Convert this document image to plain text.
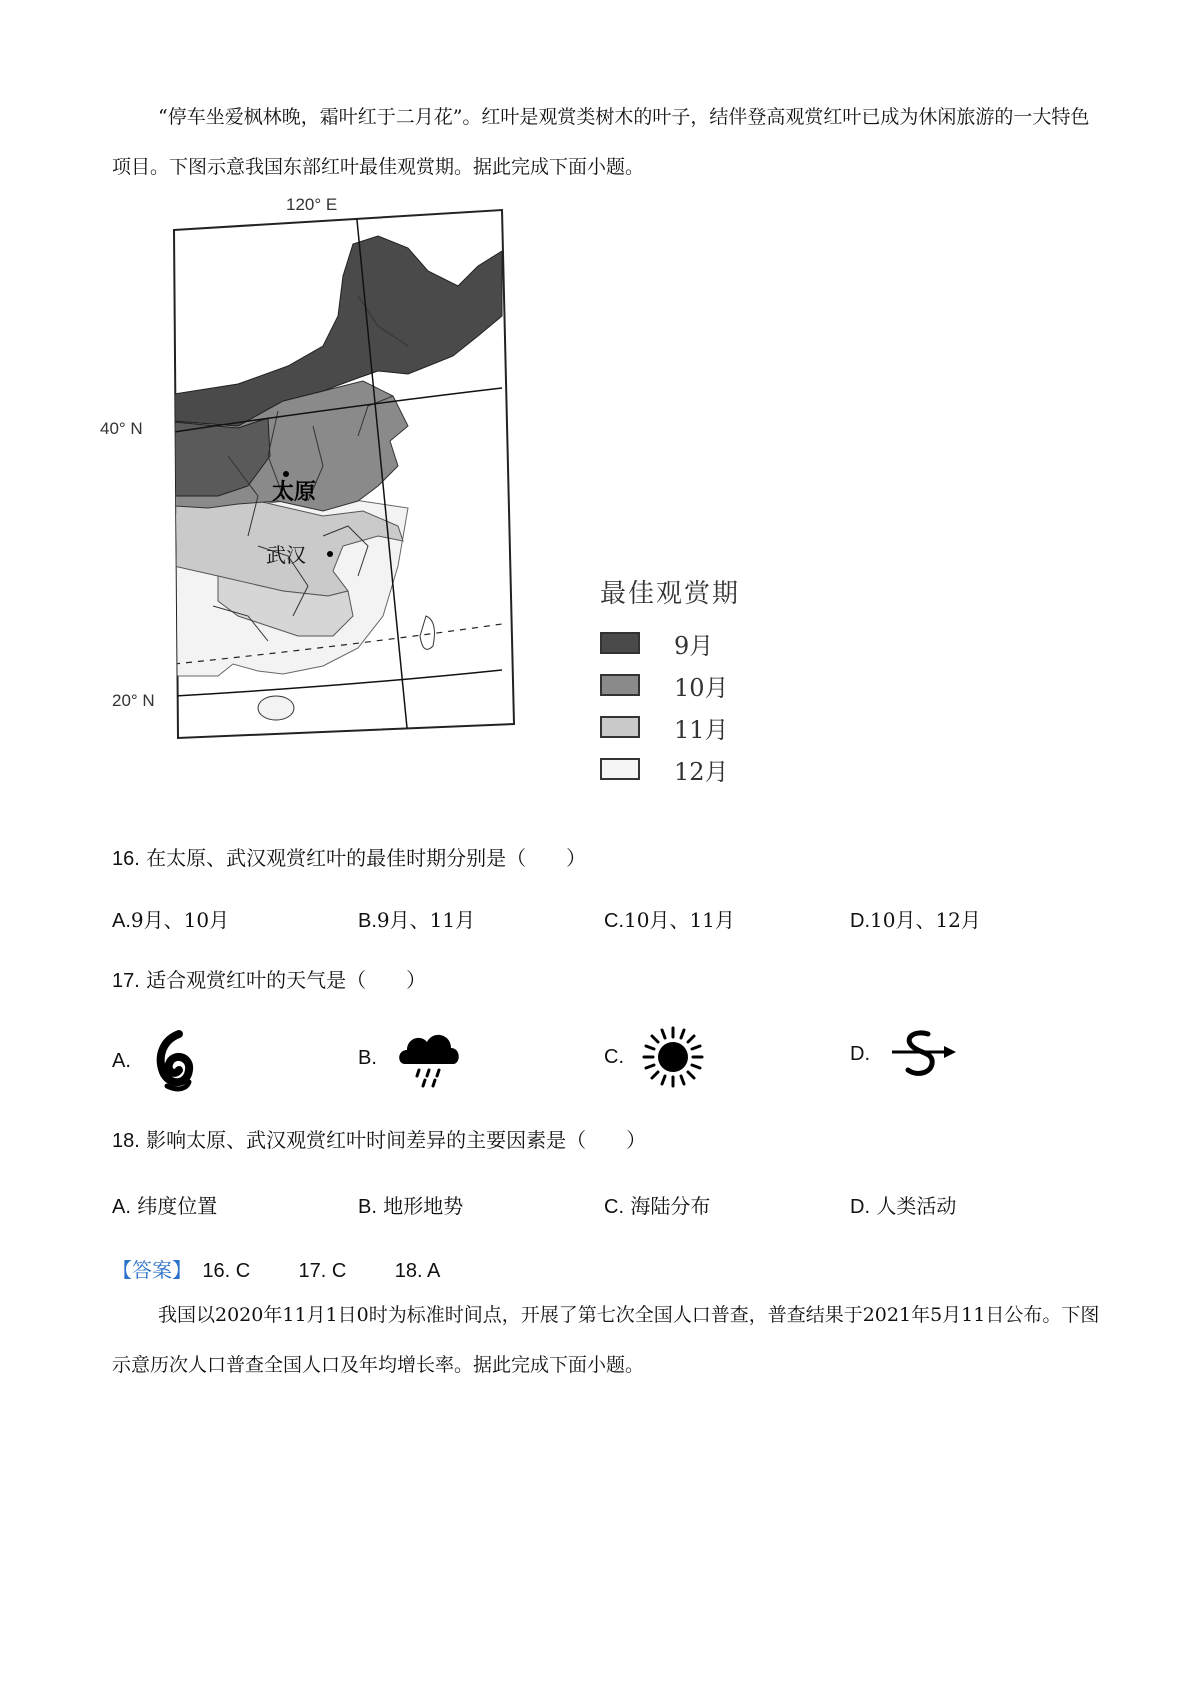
“停车坐爱枫林晚，霜叶红于二月花”。红叶是观赏类树木的叶子，结伴登高观赏红叶已成为休闲旅游的一大特色项目。下图示意我国东部红叶最佳观赏期。据此完成下面小题。
120° E
40° N
20° N
太原
武汉
最佳观赏期
9月
10月
11月
12月
16. 在太原、武汉观赏红叶的最佳时期分别是（　　）
A.9月、10月	B.9月、11月	C.10月、11月	D.10月、12月
17. 适合观赏红叶的天气是（　　）
A.	B.	C.	D.
18. 影响太原、武汉观赏红叶时间差异的主要因素是（　　）
A. 纬度位置	B. 地形地势	C. 海陆分布	D. 人类活动
【答案】 16. C 17. C 18. A
我国以2020年11月1日0时为标准时间点，开展了第七次全国人口普查，普查结果于2021年5月11日公布。下图示意历次人口普查全国人口及年均增长率。据此完成下面小题。
